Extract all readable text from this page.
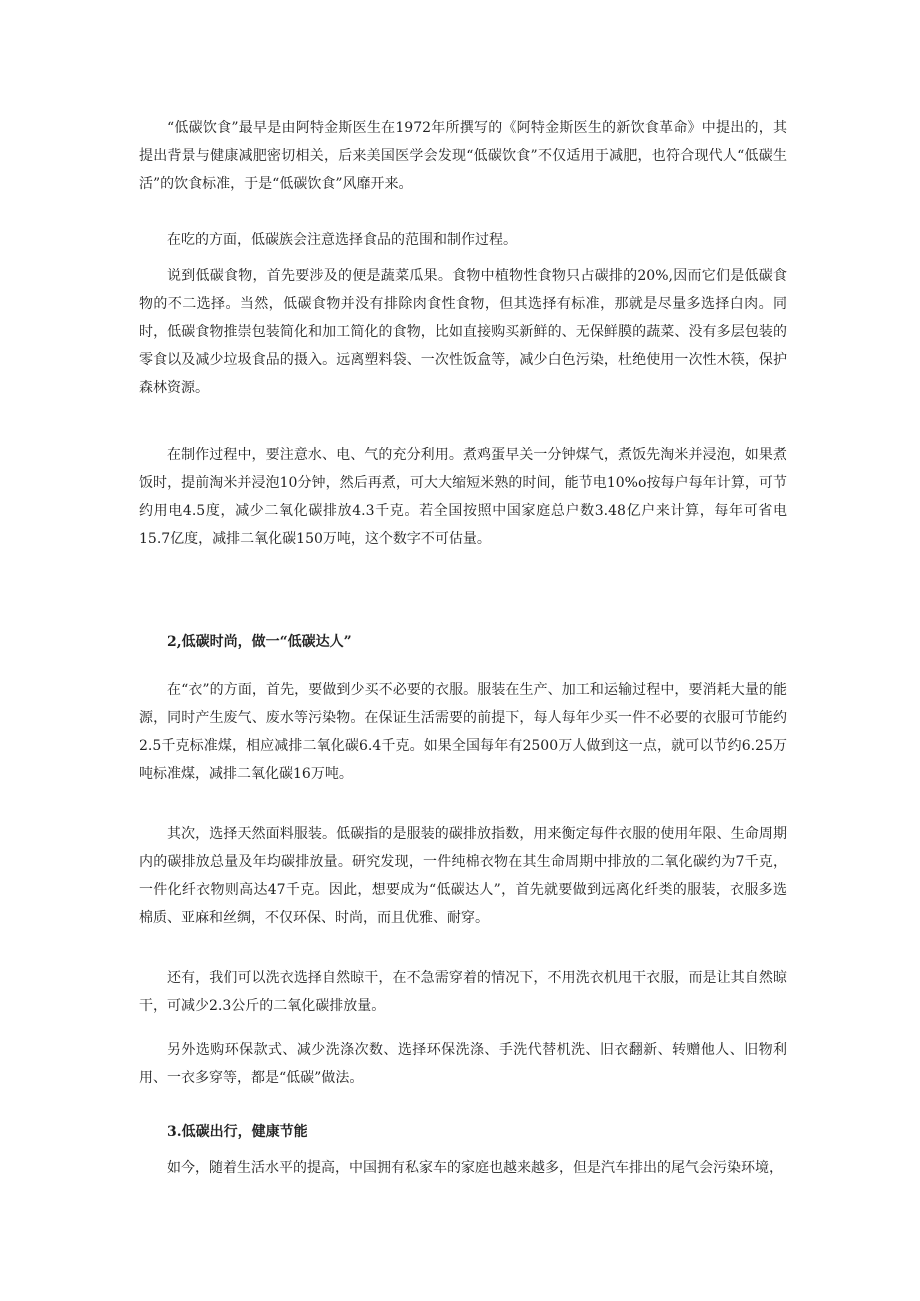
“低碳饮食”最早是由阿特金斯医生在1972年所撰写的《阿特金斯医生的新饮食革命》中提出的，其提出背景与健康减肥密切相关，后来美国医学会发现“低碳饮食”不仅适用于减肥，也符合现代人“低碳生活”的饮食标准，于是“低碳饮食”风靡开来。

在吃的方面，低碳族会注意选择食品的范围和制作过程。

说到低碳食物，首先要涉及的便是蔬菜瓜果。食物中植物性食物只占碳排的20%,因而它们是低碳食物的不二选择。当然，低碳食物并没有排除肉食性食物，但其选择有标准，那就是尽量多选择白肉。同时，低碳食物推崇包装简化和加工简化的食物，比如直接购买新鲜的、无保鲜膜的蔬菜、没有多层包装的零食以及减少垃圾食品的摄入。远离塑料袋、一次性饭盒等，减少白色污染，杜绝使用一次性木筷，保护森林资源。

在制作过程中，要注意水、电、气的充分利用。煮鸡蛋早关一分钟煤气，煮饭先淘米并浸泡，如果煮饭时，提前淘米并浸泡10分钟，然后再煮，可大大缩短米熟的时间，能节电10%o按每户每年计算，可节约用电4.5度，减少二氧化碳排放4.3千克。若全国按照中国家庭总户数3.48亿户来计算，每年可省电15.7亿度，减排二氧化碳150万吨，这个数字不可估量。

2,低碳时尚，做一“低碳达人”

在“衣”的方面，首先，要做到少买不必要的衣服。服装在生产、加工和运输过程中，要消耗大量的能源，同时产生废气、废水等污染物。在保证生活需要的前提下，每人每年少买一件不必要的衣服可节能约2.5千克标准煤，相应减排二氧化碳6.4千克。如果全国每年有2500万人做到这一点，就可以节约6.25万吨标准煤，减排二氧化碳16万吨。

其次，选择天然面料服装。低碳指的是服装的碳排放指数，用来衡定每件衣服的使用年限、生命周期内的碳排放总量及年均碳排放量。研究发现，一件纯棉衣物在其生命周期中排放的二氧化碳约为7千克，一件化纤衣物则高达47千克。因此，想要成为“低碳达人”，首先就要做到远离化纤类的服装，衣服多选棉质、亚麻和丝绸，不仅环保、时尚，而且优雅、耐穿。

还有，我们可以洗衣选择自然晾干，在不急需穿着的情况下，不用洗衣机甩干衣服，而是让其自然晾干，可减少2.3公斤的二氧化碳排放量。

另外选购环保款式、减少洗涤次数、选择环保洗涤、手洗代替机洗、旧衣翻新、转赠他人、旧物利用、一衣多穿等，都是“低碳”做法。

3.低碳出行，健康节能

如今，随着生活水平的提高，中国拥有私家车的家庭也越来越多，但是汽车排出的尾气会污染环境，
